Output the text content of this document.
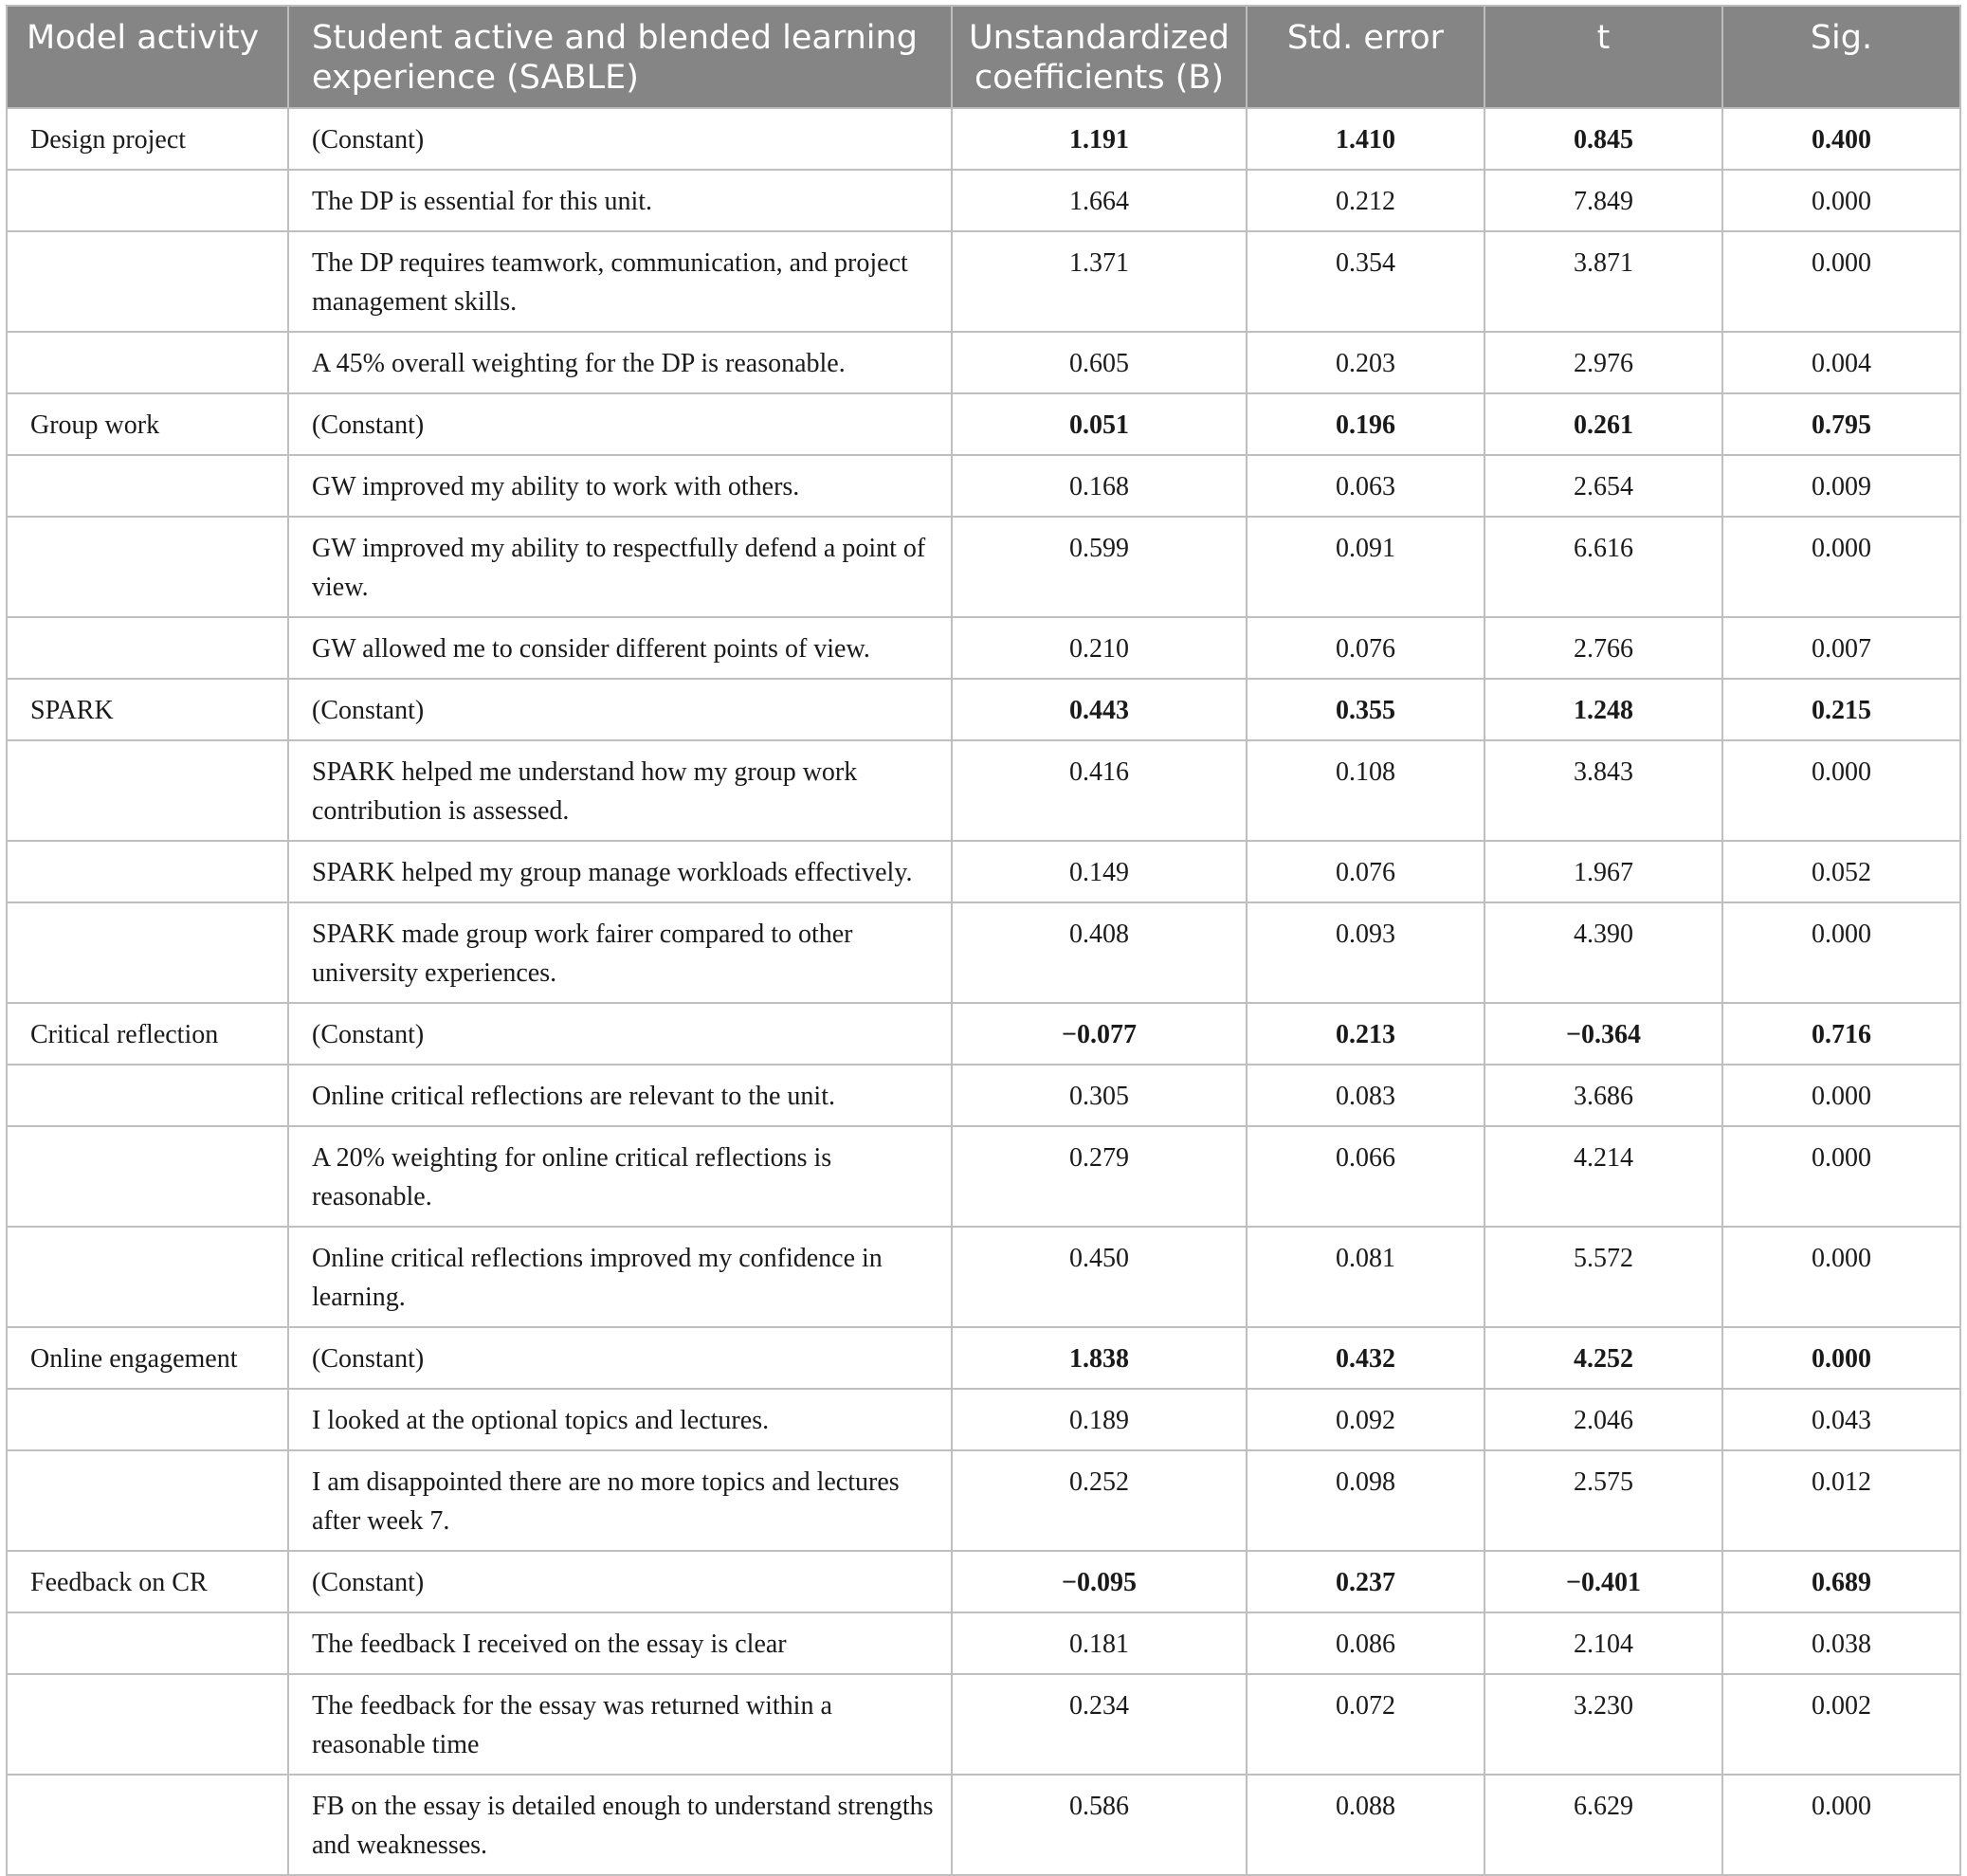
Model activity	Student active and blended learning experience (SABLE)	Unstandardized coefficients (B)	Std. error	t	Sig.
Design project	(Constant)	1.191	1.410	0.845	0.400
	The DP is essential for this unit.	1.664	0.212	7.849	0.000
	The DP requires teamwork, communication, and project management skills.	1.371	0.354	3.871	0.000
	A 45% overall weighting for the DP is reasonable.	0.605	0.203	2.976	0.004
Group work	(Constant)	0.051	0.196	0.261	0.795
	GW improved my ability to work with others.	0.168	0.063	2.654	0.009
	GW improved my ability to respectfully defend a point of view.	0.599	0.091	6.616	0.000
	GW allowed me to consider different points of view.	0.210	0.076	2.766	0.007
SPARK	(Constant)	0.443	0.355	1.248	0.215
	SPARK helped me understand how my group work contribution is assessed.	0.416	0.108	3.843	0.000
	SPARK helped my group manage workloads effectively.	0.149	0.076	1.967	0.052
	SPARK made group work fairer compared to other university experiences.	0.408	0.093	4.390	0.000
Critical reflection	(Constant)	−0.077	0.213	−0.364	0.716
	Online critical reflections are relevant to the unit.	0.305	0.083	3.686	0.000
	A 20% weighting for online critical reflections is reasonable.	0.279	0.066	4.214	0.000
	Online critical reflections improved my confidence in learning.	0.450	0.081	5.572	0.000
Online engagement	(Constant)	1.838	0.432	4.252	0.000
	I looked at the optional topics and lectures.	0.189	0.092	2.046	0.043
	I am disappointed there are no more topics and lectures after week 7.	0.252	0.098	2.575	0.012
Feedback on CR	(Constant)	−0.095	0.237	−0.401	0.689
	The feedback I received on the essay is clear	0.181	0.086	2.104	0.038
	The feedback for the essay was returned within a reasonable time	0.234	0.072	3.230	0.002
	FB on the essay is detailed enough to understand strengths and weaknesses.	0.586	0.088	6.629	0.000
